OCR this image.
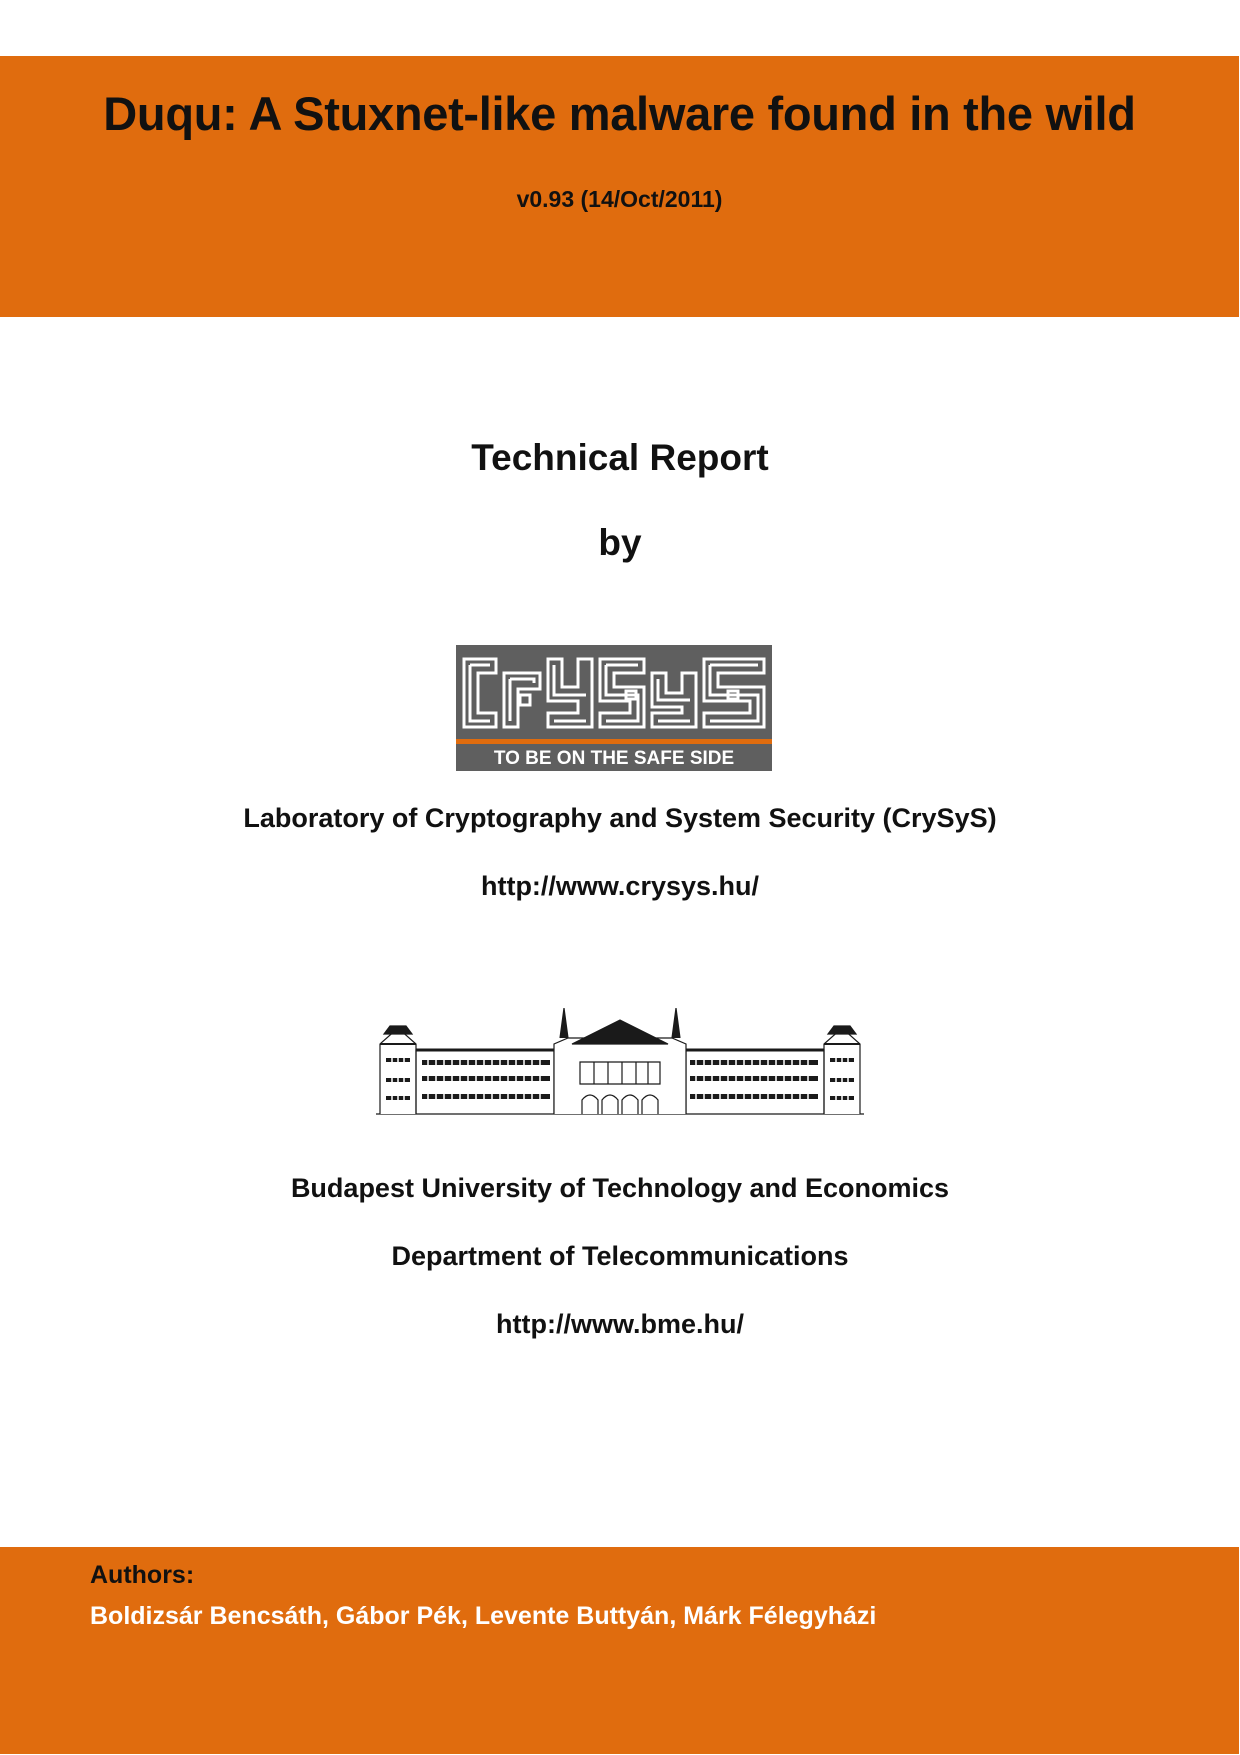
Duqu: A Stuxnet-like malware found in the wild
v0.93 (14/Oct/2011)
Technical Report
by
TO BE ON THE SAFE SIDE
Laboratory of Cryptography and System Security (CrySyS)
http://www.crysys.hu/
Budapest University of Technology and Economics
Department of Telecommunications
http://www.bme.hu/
Authors:
Boldizsár Bencsáth, Gábor Pék, Levente Buttyán, Márk Félegyházi
